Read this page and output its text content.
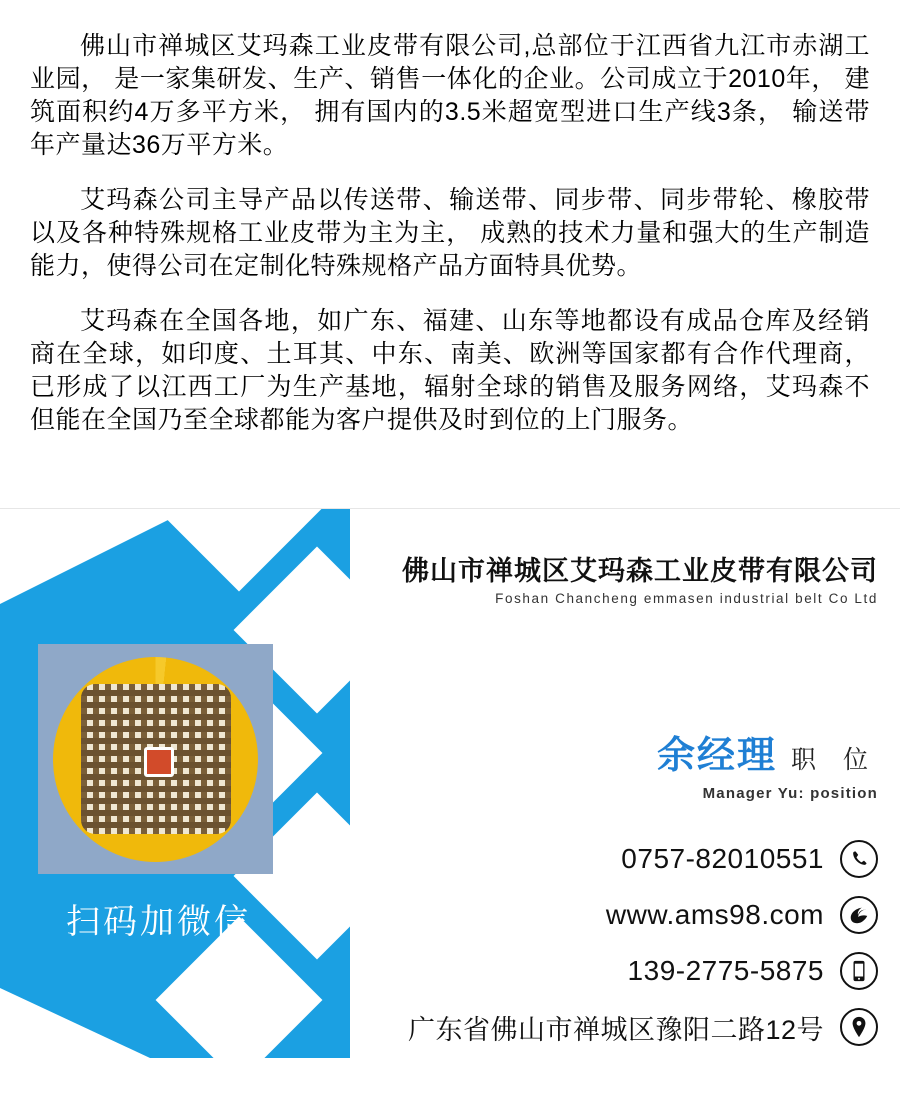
佛山市禅城区艾玛森工业皮带有限公司,总部位于江西省九江市赤湖工业园， 是一家集研发、生产、销售一体化的企业。公司成立于2010年， 建筑面积约4万多平方米， 拥有国内的3.5米超宽型进口生产线3条， 输送带年产量达36万平方米。

艾玛森公司主导产品以传送带、输送带、同步带、同步带轮、橡胶带以及各种特殊规格工业皮带为主为主， 成熟的技术力量和强大的生产制造能力，使得公司在定制化特殊规格产品方面特具优势。

艾玛森在全国各地，如广东、福建、山东等地都设有成品仓库及经销商在全球，如印度、土耳其、中东、南美、欧洲等国家都有合作代理商，已形成了以江西工厂为生产基地，辐射全球的销售及服务网络，艾玛森不但能在全国乃至全球都能为客户提供及时到位的上门服务。

扫码加微信
佛山市禅城区艾玛森工业皮带有限公司
Foshan Chancheng emmasen industrial belt Co Ltd
余经理 职 位
Manager Yu: position
0757-82010551
www.ams98.com
139-2775-5875
广东省佛山市禅城区豫阳二路12号
